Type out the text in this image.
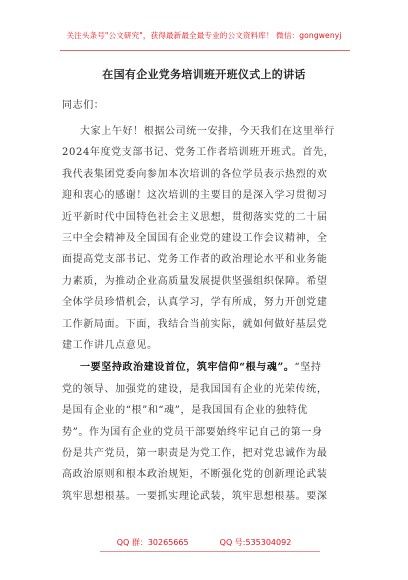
关注头条号"公文研究"，获得最新最全最专业的公文资料库！ 微信：gongwenyj
在国有企业党务培训班开班仪式上的讲话
同志们：
大家上午好！根据公司统一安排，今天我们在这里举行
2024年度党支部书记、党务工作者培训班开班式。首先，
我代表集团党委向参加本次培训的各位学员表示热烈的欢
迎和衷心的感谢！这次培训的主要目的是深入学习贯彻习
近平新时代中国特色社会主义思想，贯彻落实党的二十届
三中全会精神及全国国有企业党的建设工作会议精神，全
面提高党支部书记、党务工作者的政治理论水平和业务能
力素质，为推动企业高质量发展提供坚强组织保障。希望
全体学员珍惜机会，认真学习，学有所成，努力开创党建
工作新局面。下面，我结合当前实际，就如何做好基层党
建工作讲几点意见。
一要坚持政治建设首位，筑牢信仰“根与魂”。“坚持
党的领导、加强党的建设，是我国国有企业的光荣传统，
是国有企业的“根”和“魂”，是我国国有企业的独特优
势”。作为国有企业的党员干部要始终牢记自己的第一身
份是共产党员，第一职责是为党工作，把对党忠诚作为最
高政治原则和根本政治规矩，不断强化党的创新理论武装
筑牢思想根基。一要抓实理论武装，筑牢思想根基。要深
QQ 群：30265665	QQ 号:535304092
